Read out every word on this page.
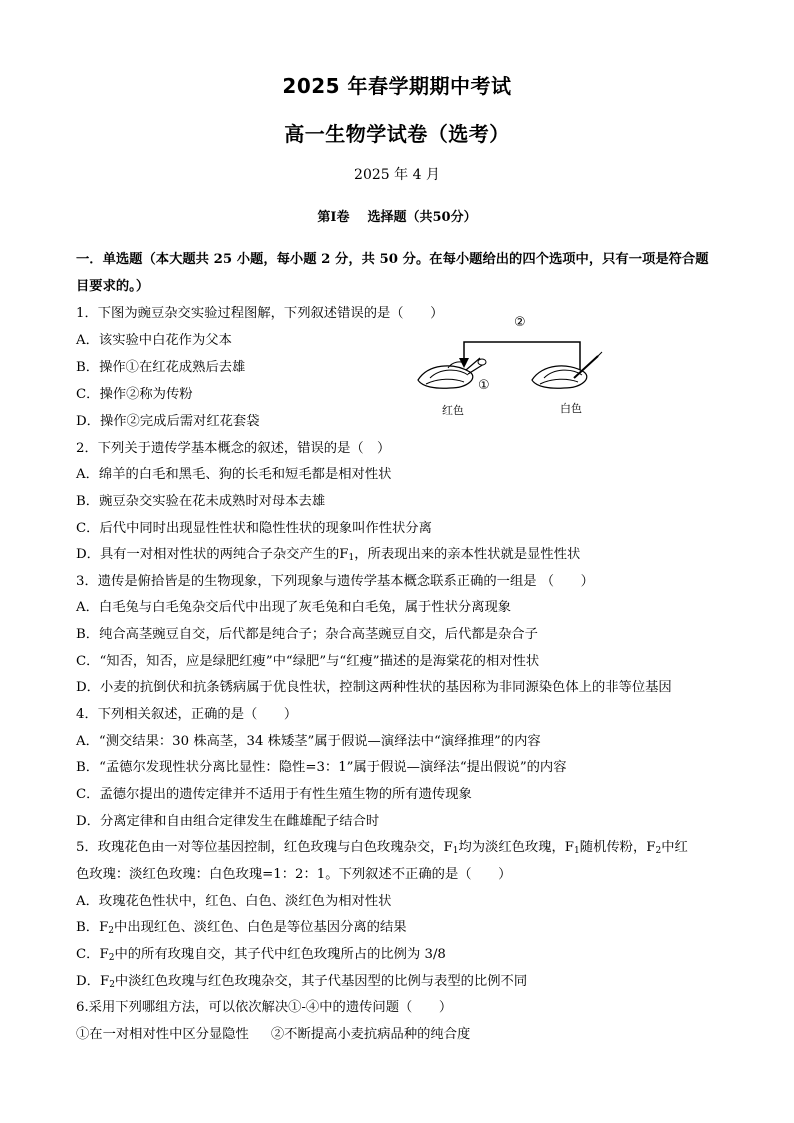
2025 年春学期期中考试
高一生物学试卷（选考）
2025 年 4 月
第Ⅰ卷 选择题（共50分）
一．单选题（本大题共 25 小题，每小题 2 分，共 50 分。在每小题给出的四个选项中，只有一项是符合题
目要求的。）
1．下图为豌豆杂交实验过程图解，下列叙述错误的是（　　）
A．该实验中白花作为父本
B．操作①在红花成熟后去雄
C．操作②称为传粉
D．操作②完成后需对红花套袋
②
①
红色	白色
2．下列关于遗传学基本概念的叙述，错误的是（　）
A．绵羊的白毛和黑毛、狗的长毛和短毛都是相对性状
B．豌豆杂交实验在花未成熟时对母本去雄
C．后代中同时出现显性性状和隐性性状的现象叫作性状分离
D．具有一对相对性状的两纯合子杂交产生的$F_1$，所表现出来的亲本性状就是显性性状
3．遗传是俯拾皆是的生物现象，下列现象与遗传学基本概念联系正确的一组是 （　　）
A．白毛兔与白毛兔杂交后代中出现了灰毛兔和白毛兔，属于性状分离现象
B．纯合高茎豌豆自交，后代都是纯合子；杂合高茎豌豆自交，后代都是杂合子
C．“知否，知否，应是绿肥红瘦”中“绿肥”与“红瘦”描述的是海棠花的相对性状
D．小麦的抗倒伏和抗条锈病属于优良性状，控制这两种性状的基因称为非同源染色体上的非等位基因
4．下列相关叙述，正确的是（　　）
A．“测交结果：30 株高茎，34 株矮茎”属于假说—演绎法中“演绎推理”的内容
B．“孟德尔发现性状分离比显性：隐性=3：1”属于假说—演绎法“提出假说”的内容
C．孟德尔提出的遗传定律并不适用于有性生殖生物的所有遗传现象
D．分离定律和自由组合定律发生在雌雄配子结合时
5．玫瑰花色由一对等位基因控制，红色玫瑰与白色玫瑰杂交，$F_1$均为淡红色玫瑰，$F_1$随机传粉，$F_2$中红
色玫瑰：淡红色玫瑰：白色玫瑰=1：2：1。下列叙述不正确的是（　　）
A．玫瑰花色性状中，红色、白色、淡红色为相对性状
B．$F_2$中出现红色、淡红色、白色是等位基因分离的结果
C．$F_2$中的所有玫瑰自交，其子代中红色玫瑰所占的比例为 3/8
D．$F_2$中淡红色玫瑰与红色玫瑰杂交，其子代基因型的比例与表型的比例不同
6.采用下列哪组方法，可以依次解决①-④中的遗传问题（　　）
①在一对相对性中区分显隐性 ②不断提高小麦抗病品种的纯合度
